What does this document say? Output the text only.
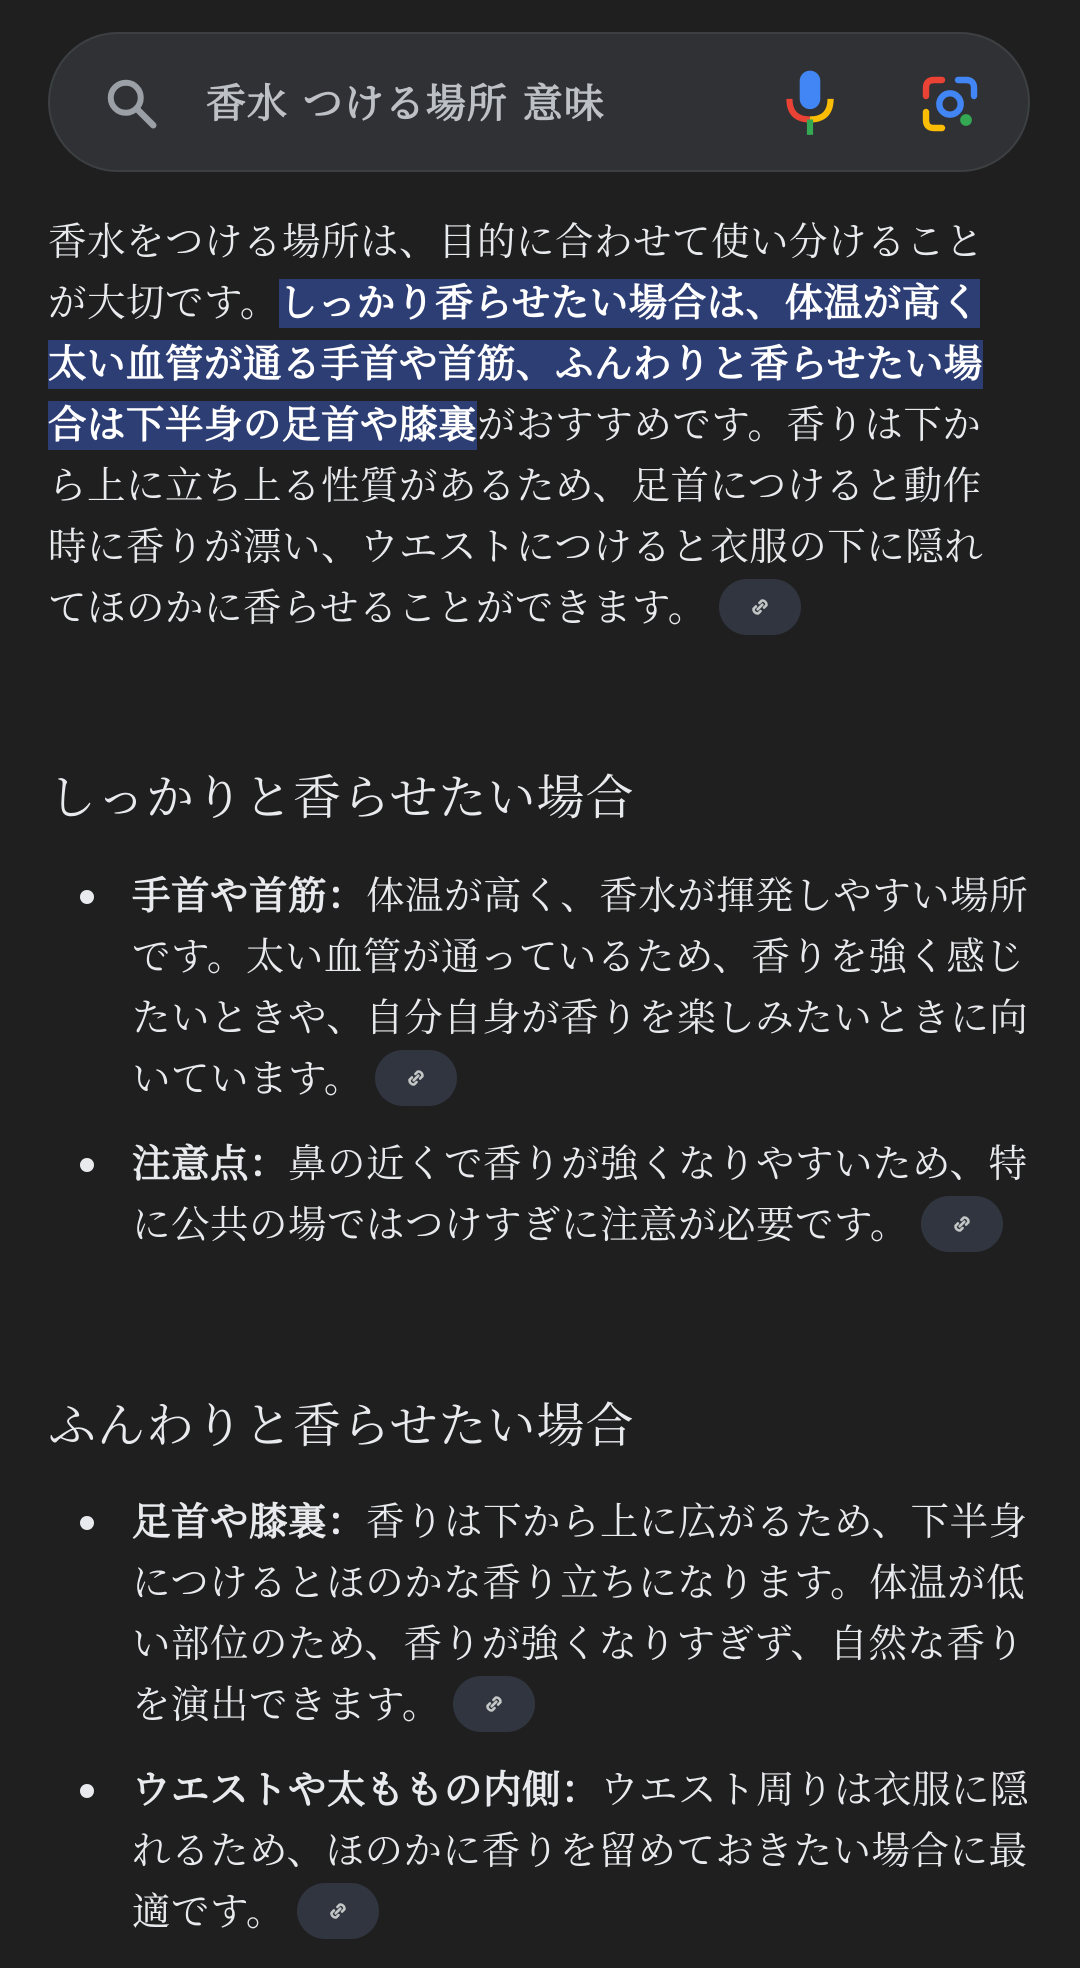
香水 つける場所 意味
香水をつける場所は、目的に合わせて使い分けることが大切です。しっかり香らせたい場合は、体温が高く太い血管が通る手首や首筋、ふんわりと香らせたい場合は下半身の足首や膝裏がおすすめです。香りは下から上に立ち上る性質があるため、足首につけると動作時に香りが漂い、ウエストにつけると衣服の下に隠れてほのかに香らせることができます。
しっかりと香らせたい場合
手首や首筋：体温が高く、香水が揮発しやすい場所です。太い血管が通っているため、香りを強く感じたいときや、自分自身が香りを楽しみたいときに向いています。
注意点：鼻の近くで香りが強くなりやすいため、特に公共の場ではつけすぎに注意が必要です。
ふんわりと香らせたい場合
足首や膝裏：香りは下から上に広がるため、下半身につけるとほのかな香り立ちになります。体温が低い部位のため、香りが強くなりすぎず、自然な香りを演出できます。
ウエストや太ももの内側：ウエスト周りは衣服に隠れるため、ほのかに香りを留めておきたい場合に最適です。
